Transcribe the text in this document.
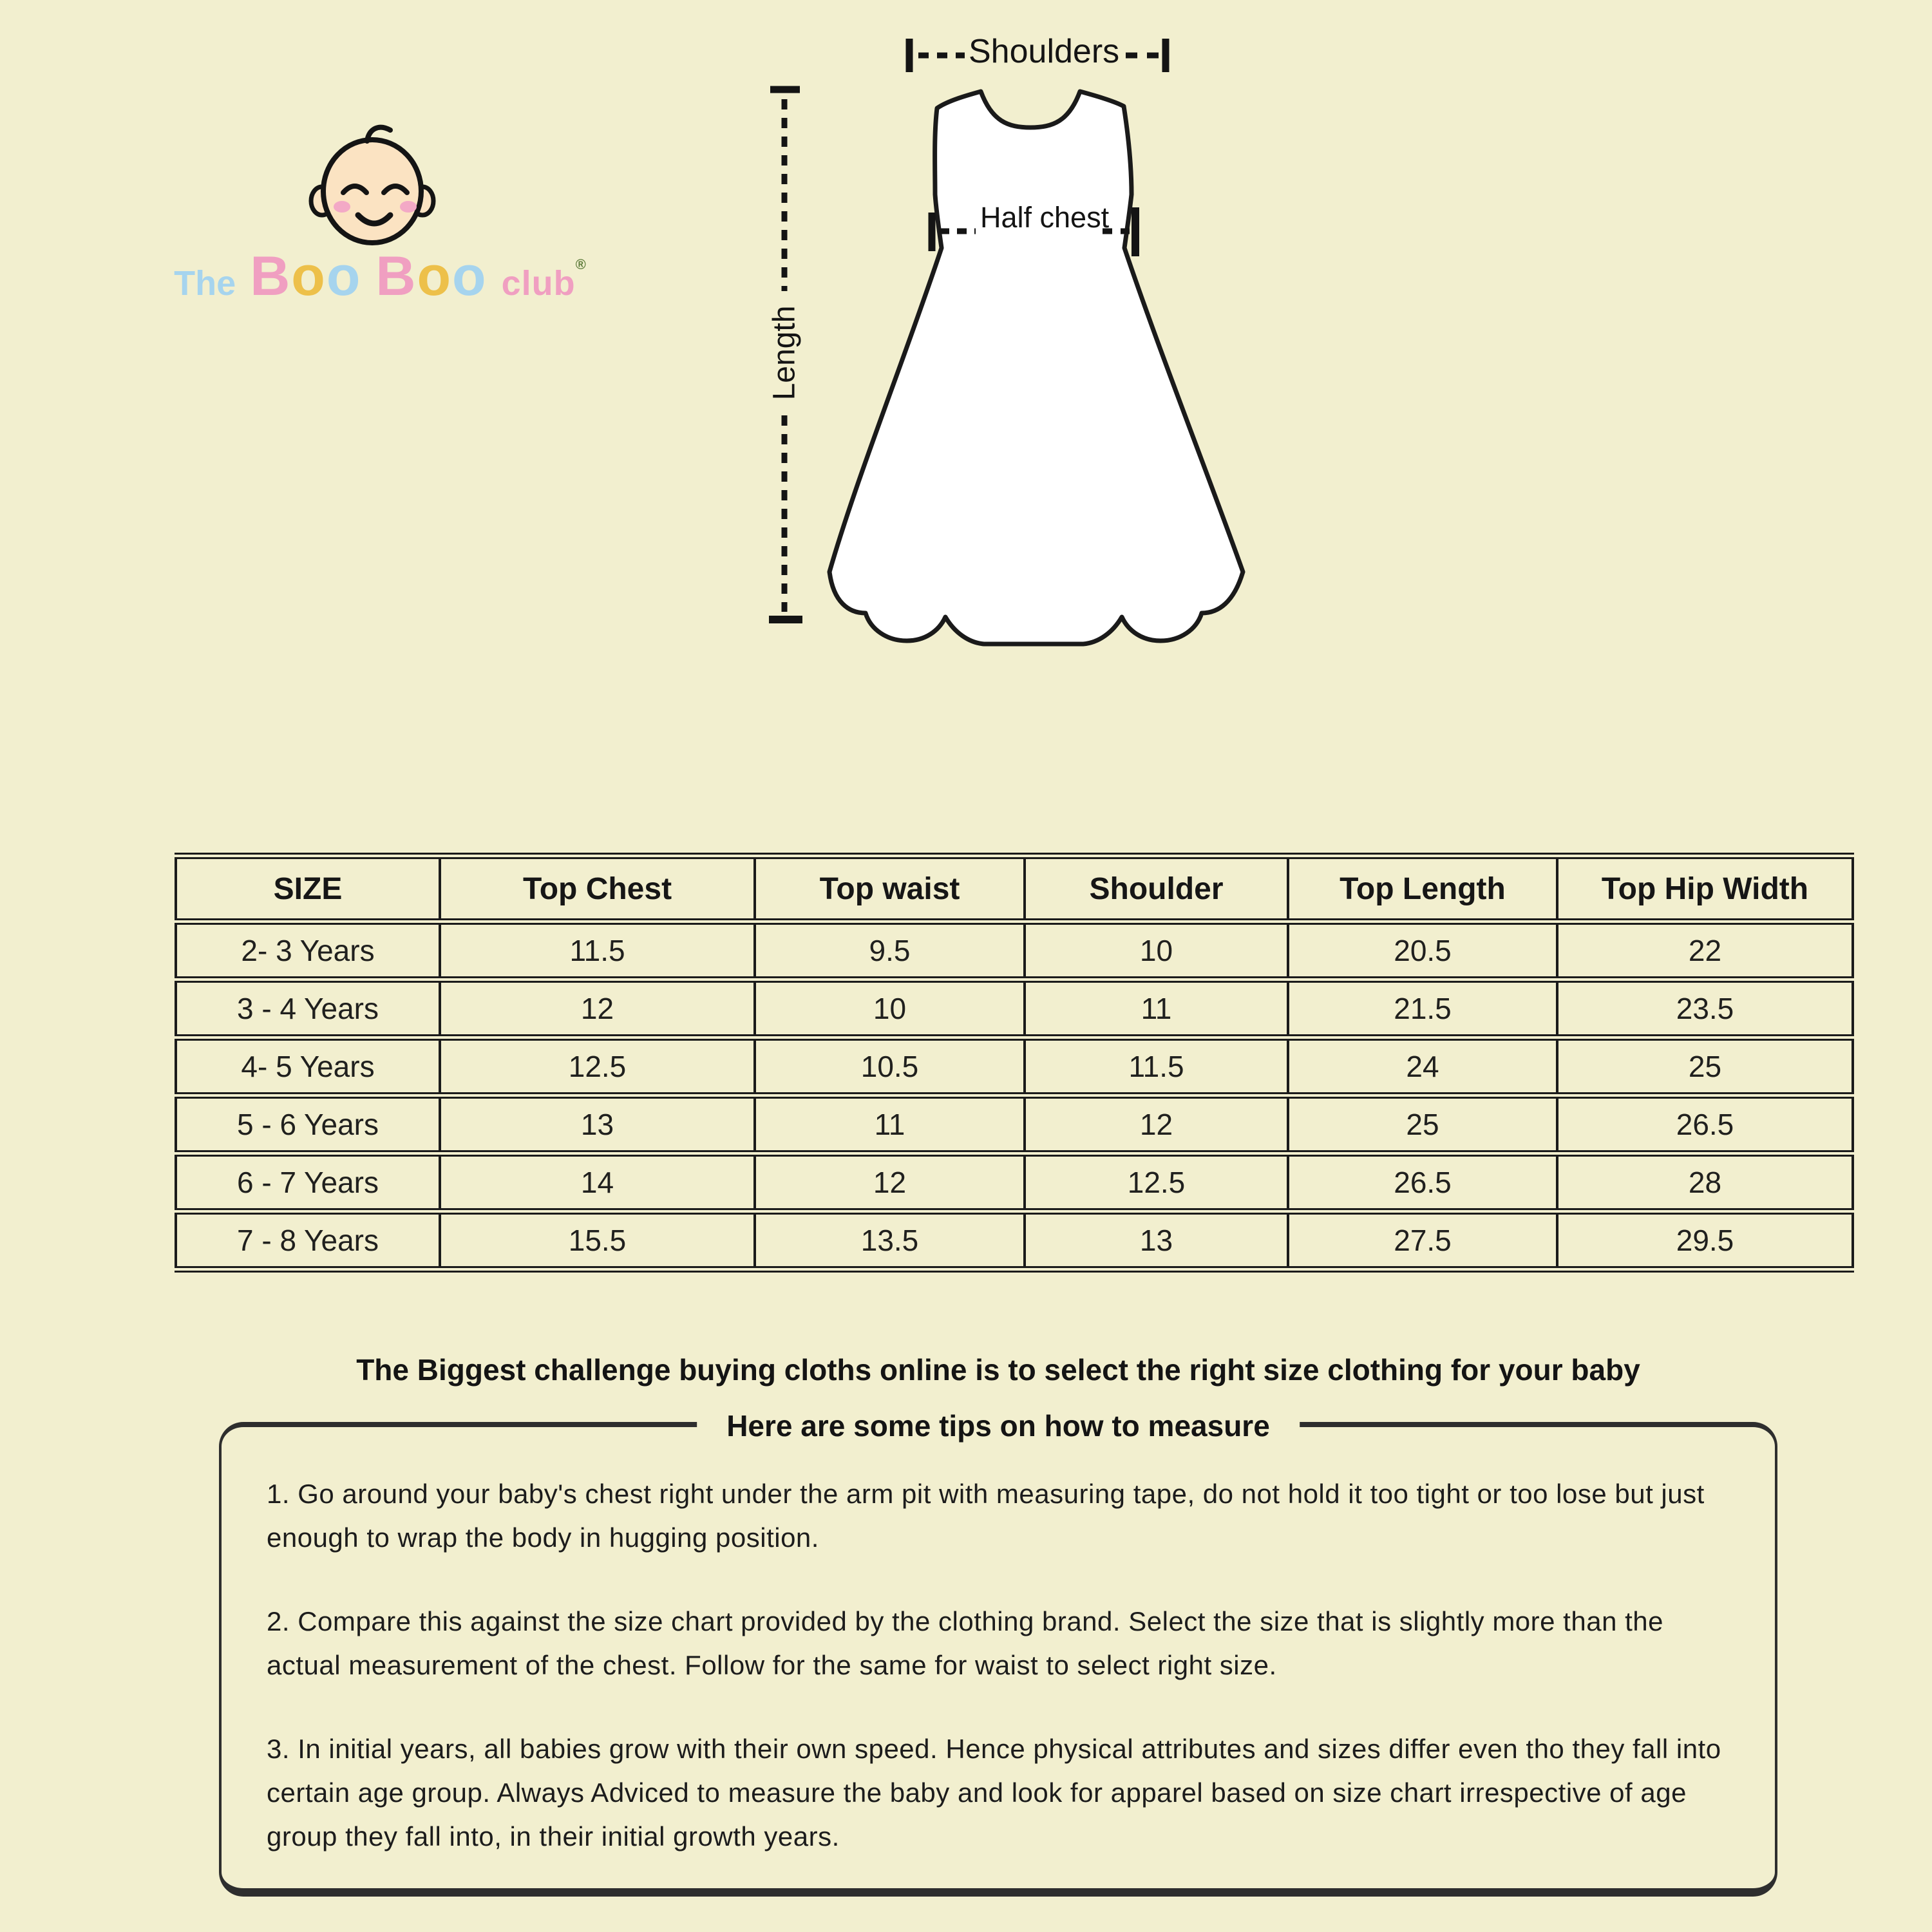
The B o o B o o club ®
Shoulders
Half chest
Length
SIZE	Top Chest	Top waist	Shoulder	Top Length	Top Hip Width
2- 3 Years	11.5	9.5	10	20.5	22
3 - 4 Years	12	10	11	21.5	23.5
4- 5 Years	12.5	10.5	11.5	24	25
5 - 6 Years	13	11	12	25	26.5
6 - 7 Years	14	12	12.5	26.5	28
7 - 8 Years	15.5	13.5	13	27.5	29.5
The Biggest challenge buying cloths online is to select the right size clothing for your baby
Here are some tips on how to measure

1. Go around your baby's chest right under the arm pit with measuring tape, do not hold it too tight or too lose but just enough to wrap the body in hugging position.

2. Compare this against the size chart provided by the clothing brand. Select the size that is slightly more than the actual measurement of the chest. Follow for the same for waist to select right size.

3. In initial years, all babies grow with their own speed. Hence physical attributes and sizes differ even tho they fall into certain age group. Always Adviced to measure the baby and look for apparel based on size chart irrespective of age group they fall into, in their initial growth years.
